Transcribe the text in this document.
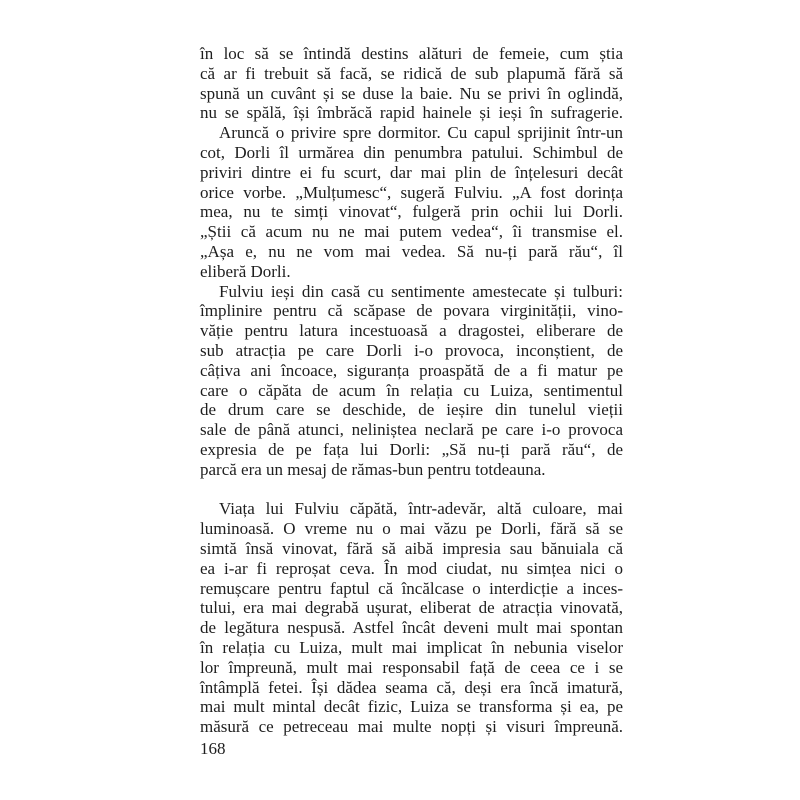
în loc să se întindă destins alături de femeie, cum știa
că ar fi trebuit să facă, se ridică de sub plapumă fără să
spună un cuvânt și se duse la baie. Nu se privi în oglindă,
nu se spălă, își îmbrăcă rapid hainele și ieși în sufragerie.
Aruncă o privire spre dormitor. Cu capul sprijinit într-un
cot, Dorli îl urmărea din penumbra patului. Schimbul de
priviri dintre ei fu scurt, dar mai plin de înțelesuri decât
orice vorbe. „Mulțumesc“, sugeră Fulviu. „A fost dorința
mea, nu te simți vinovat“, fulgeră prin ochii lui Dorli.
„Știi că acum nu ne mai putem vedea“, îi transmise el.
„Așa e, nu ne vom mai vedea. Să nu-ți pară rău“, îl
eliberă Dorli.
Fulviu ieși din casă cu sentimente amestecate și tulburi:
împlinire pentru că scăpase de povara virginității, vino-
văție pentru latura incestuoasă a dragostei, eliberare de
sub atracția pe care Dorli i-o provoca, inconștient, de
câțiva ani încoace, siguranța proaspătă de a fi matur pe
care o căpăta de acum în relația cu Luiza, sentimentul
de drum care se deschide, de ieșire din tunelul vieții
sale de până atunci, neliniștea neclară pe care i-o provoca
expresia de pe fața lui Dorli: „Să nu-ți pară rău“, de
parcă era un mesaj de rămas-bun pentru totdeauna.
Viața lui Fulviu căpătă, într-adevăr, altă culoare, mai
luminoasă. O vreme nu o mai văzu pe Dorli, fără să se
simtă însă vinovat, fără să aibă impresia sau bănuiala că
ea i-ar fi reproșat ceva. În mod ciudat, nu simțea nici o
remușcare pentru faptul că încălcase o interdicție a inces-
tului, era mai degrabă ușurat, eliberat de atracția vinovată,
de legătura nespusă. Astfel încât deveni mult mai spontan
în relația cu Luiza, mult mai implicat în nebunia viselor
lor împreună, mult mai responsabil față de ceea ce i se
întâmplă fetei. Își dădea seama că, deși era încă imatură,
mai mult mintal decât fizic, Luiza se transforma și ea, pe
măsură ce petreceau mai multe nopți și visuri împreună.
168
